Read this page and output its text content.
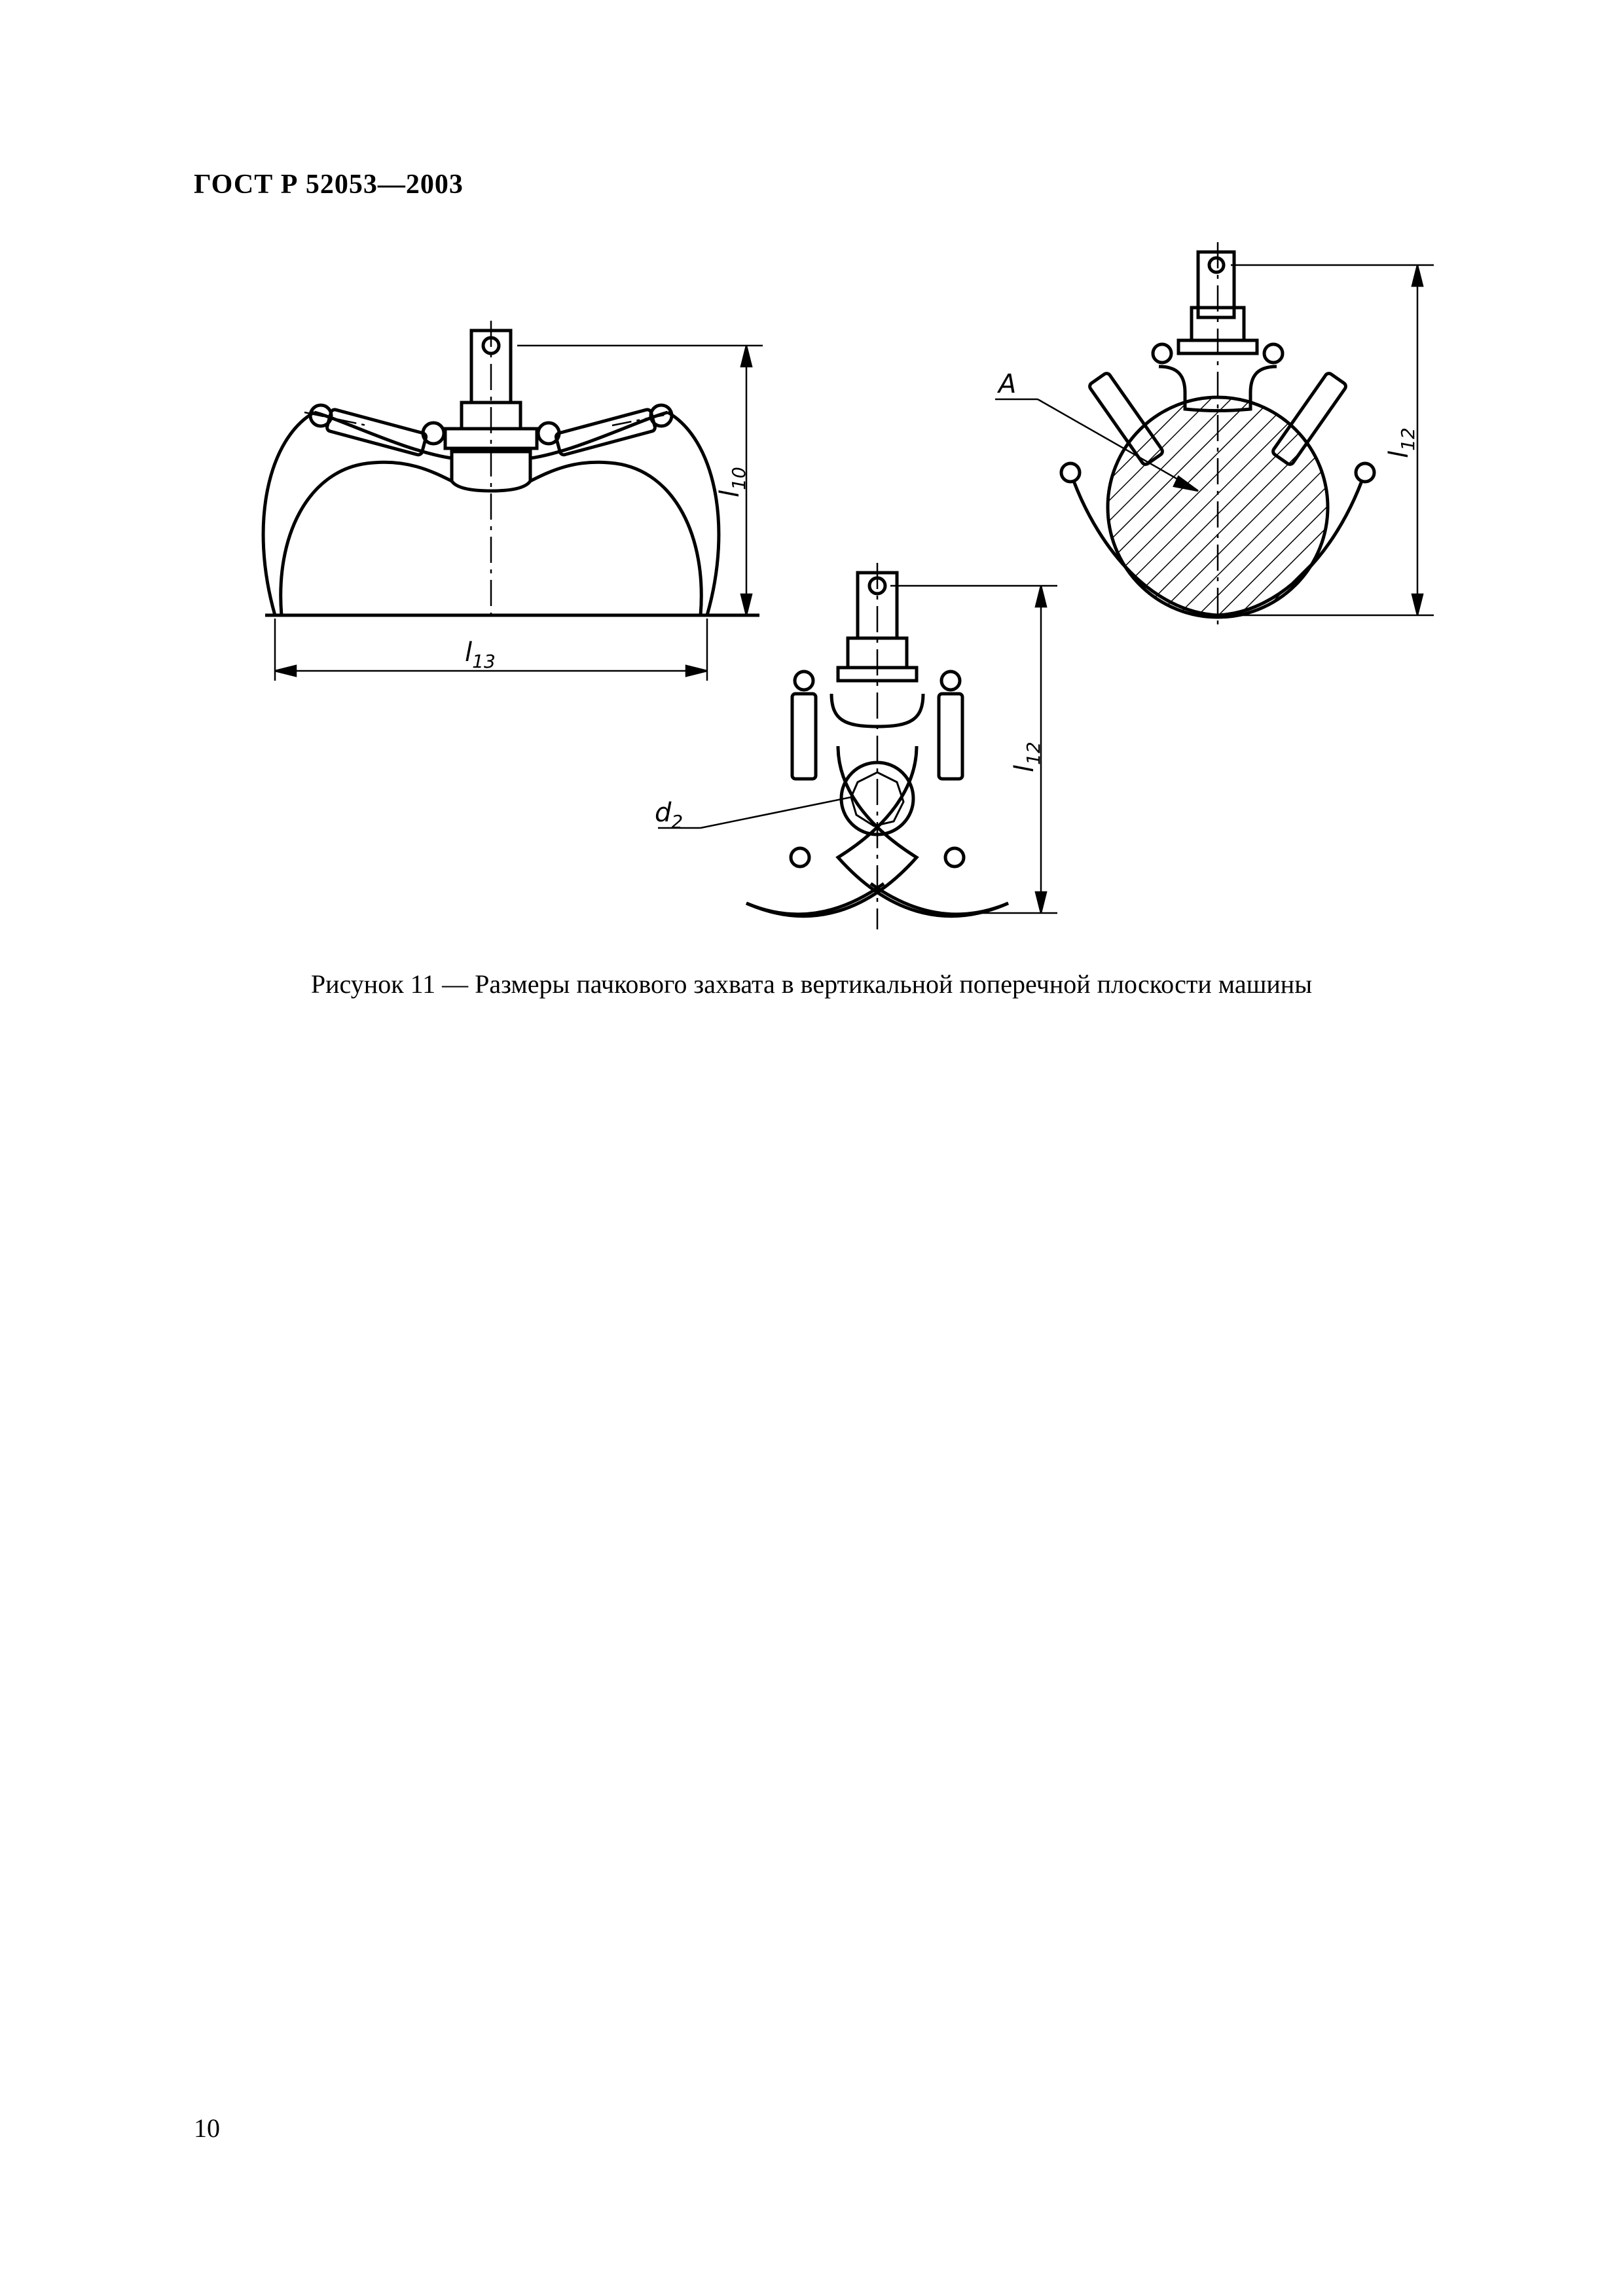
ГОСТ Р 52053—2003
$l_{10}$
$l_{13}$
$l_{12}$
A
$l_{12}$
$d_2$
Рисунок 11 — Размеры пачкового захвата в вертикальной поперечной плоскости машины
10
